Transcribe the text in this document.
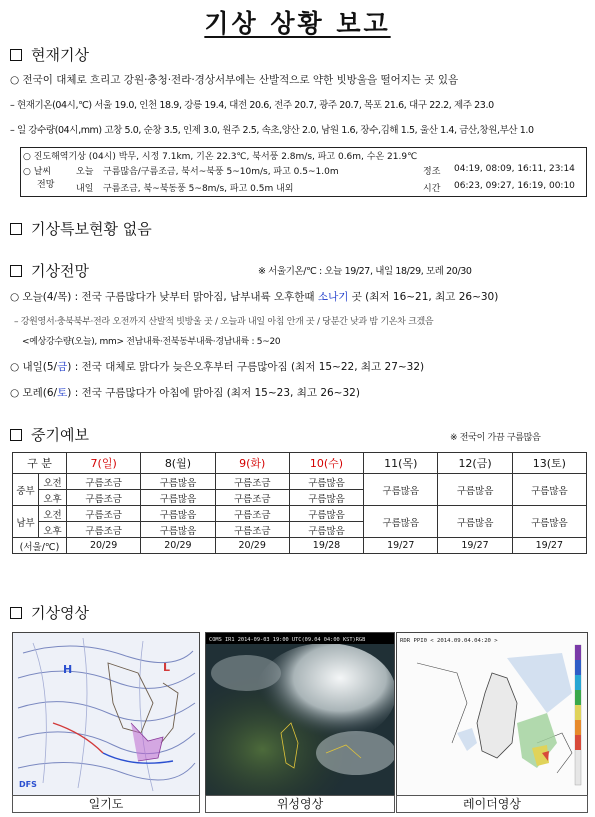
기상 상황 보고
현재기상
○ 전국이 대체로 흐리고 강원·충청·전라·경상서부에는 산발적으로 약한 빗방울을 떨어지는 곳 있음
– 현재기온(04시,℃) 서울 19.0, 인천 18.9, 강릉 19.4, 대전 20.6, 전주 20.7, 광주 20.7, 목포 21.6, 대구 22.2, 제주 23.0
– 일 강수량(04시,mm) 고창 5.0, 순창 3.5, 인제 3.0, 원주 2.5, 속초,양산 2.0, 남원 1.6, 장수,김해 1.5, 울산 1.4, 금산,창원,부산 1.0
○ 진도해역기상 (04시) 박무, 시정 7.1km, 기온 22.3℃, 북서풍 2.8m/s, 파고 0.6m, 수온 21.9℃
○ 날씨
전망
오늘 구름많음/구름조금, 북서~북풍 5~10m/s, 파고 0.5~1.0m
내일 구름조금, 북~북동풍 5~8m/s, 파고 0.5m 내외
정조 04:19, 08:09, 16:11, 23:14
시간 06:23, 09:27, 16:19, 00:10
기상특보현황 없음
기상전망	※ 서울기온/℃ : 오늘 19/27, 내일 18/29, 모레 20/30
○ 오늘(4/목) : 전국 구름많다가 낮부터 맑아짐, 남부내륙 오후한때 소나기 곳 (최저 16~21, 최고 26~30)
– 강원영서·충북북부·전라 오전까지 산발적 빗방울 곳 / 오늘과 내일 아침 안개 곳 / 당분간 낮과 밤 기온차 크겠음
<예상강수량(오늘), mm> 전남내륙·전북동부내륙·경남내륙 : 5~20
○ 내일(5/금) : 전국 대체로 맑다가 늦은오후부터 구름많아짐 (최저 15~22, 최고 27~32)
○ 모레(6/토) : 전국 구름많다가 아침에 맑아짐 (최저 15~23, 최고 26~32)
중기예보	※ 전국이 가끔 구름많음
구 분		7(일)	8(월)	9(화)	10(수)	11(목)	12(금)	13(토)
중부	오전	구름조금	구름많음	구름조금	구름많음	구름많음	구름많음	구름많음
	오후	구름조금	구름많음	구름조금	구름많음			
남부	오전	구름조금	구름많음	구름조금	구름많음	구름많음	구름많음	구름많음
	오후	구름조금	구름많음	구름조금	구름많음			
(서울/℃)		20/29	20/29	20/29	19/28	19/27	19/27	19/27
기상영상
H	L
DFS
일기도
COMS IR1 2014-09-03 19:00 UTC(09.04 04:00 KST)RGB
위성영상
RDR PPI0 < 2014.09.04.04:20 >
레이더영상
